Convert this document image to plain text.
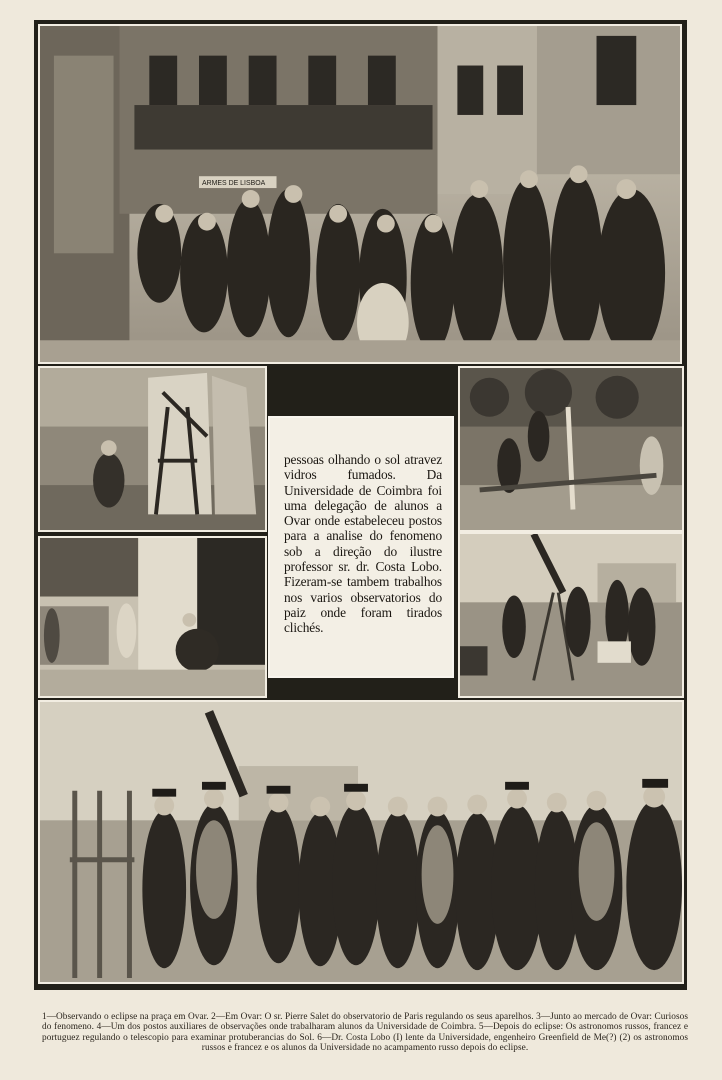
ARMES DE LISBOA

pessoas olhando o sol atravez vidros fumados. Da Universidade de Coimbra foi uma delegação de alunos a Ovar onde estabeleceu postos para a analise do fenomeno sob a direção do ilustre professor sr. dr. Costa Lobo. Fizeram-se tambem trabalhos nos varios observatorios do paiz onde foram tirados clichés.

1—Observando o eclipse na praça em Ovar. 2—Em Ovar: O sr. Pierre Salet do observatorio de Paris regulando os seus aparelhos. 3—Junto ao mercado de Ovar: Curiosos do fenomeno. 4—Um dos postos auxiliares de observações onde trabalharam alunos da Universidade de Coimbra. 5—Depois do eclipse: Os astronomos russos, francez e portuguez regulando o telescopio para examinar protuberancias do Sol. 6—Dr. Costa Lobo (I) lente da Universidade, engenheiro Greenfield de Me(?) (2) os astronomos russos e francez e os alunos da Universidade no acampamento russo depois do eclipse.
